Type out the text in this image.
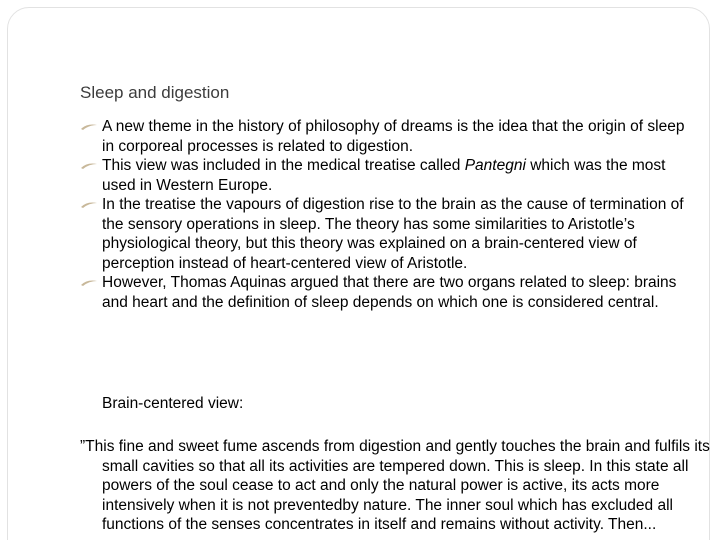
Sleep and digestion
A new theme in the history of philosophy of dreams is the idea that the origin of sleep in corporeal processes is related to digestion.
This view was included in the medical treatise called Pantegni which was the most used in Western Europe.
In the treatise the vapours of digestion rise to the brain as the cause of termination of the sensory operations in sleep. The theory has some similarities to Aristotle’s physiological theory, but this theory was explained on a brain-centered view of perception instead of heart-centered view of Aristotle.
However, Thomas Aquinas argued that there are two organs related to sleep: brains and heart and the definition of sleep depends on which one is considered central.

Brain-centered view:

”This fine and sweet fume ascends from digestion and gently touches the brain and fulfils its small cavities so that all its activities are tempered down. This is sleep. In this state all powers of the soul cease to act and only the natural power is active, its acts more intensively when it is not preventedby nature. The inner soul which has excluded all functions of the senses concentrates in itself and remains without activity. Then...
